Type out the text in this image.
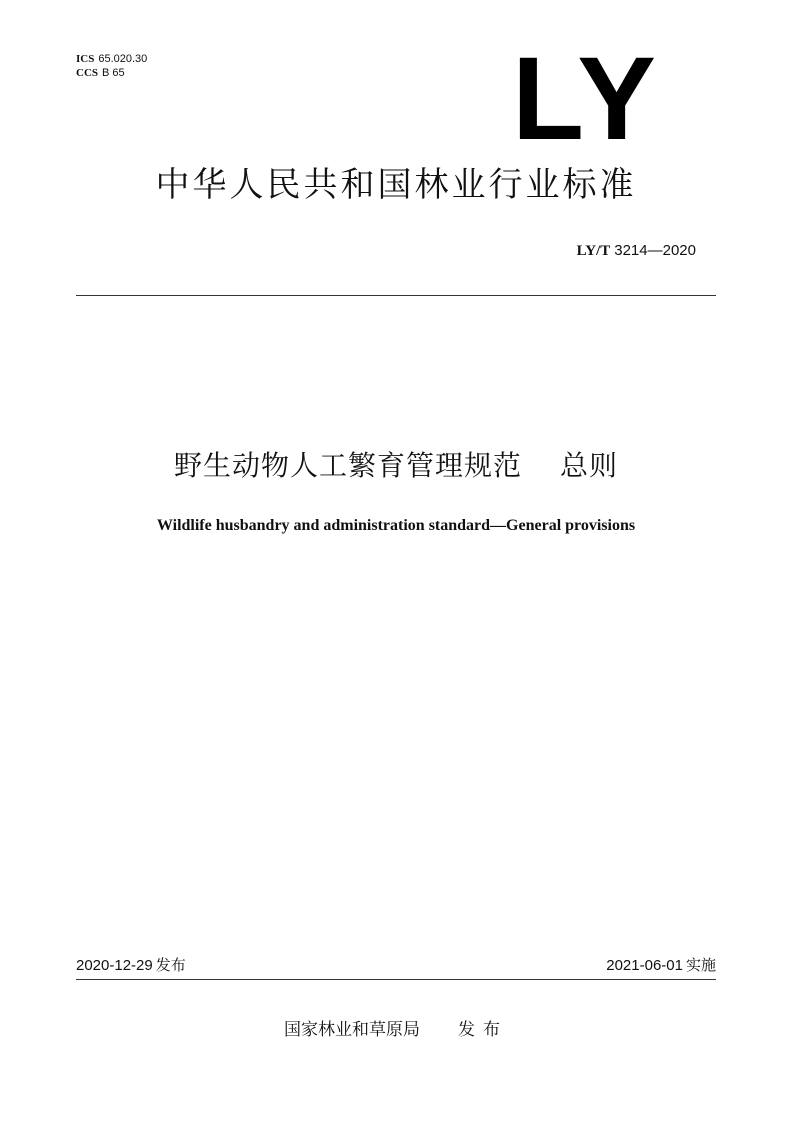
ICS 65.020.30
CCS B 65	LY
中华人民共和国林业行业标准
LY/T 3214—2020
野生动物人工繁育管理规范 总则
Wildlife husbandry and administration standard—General provisions
2020-12-29 发布	2021-06-01 实施
国家林业和草原局 发布
